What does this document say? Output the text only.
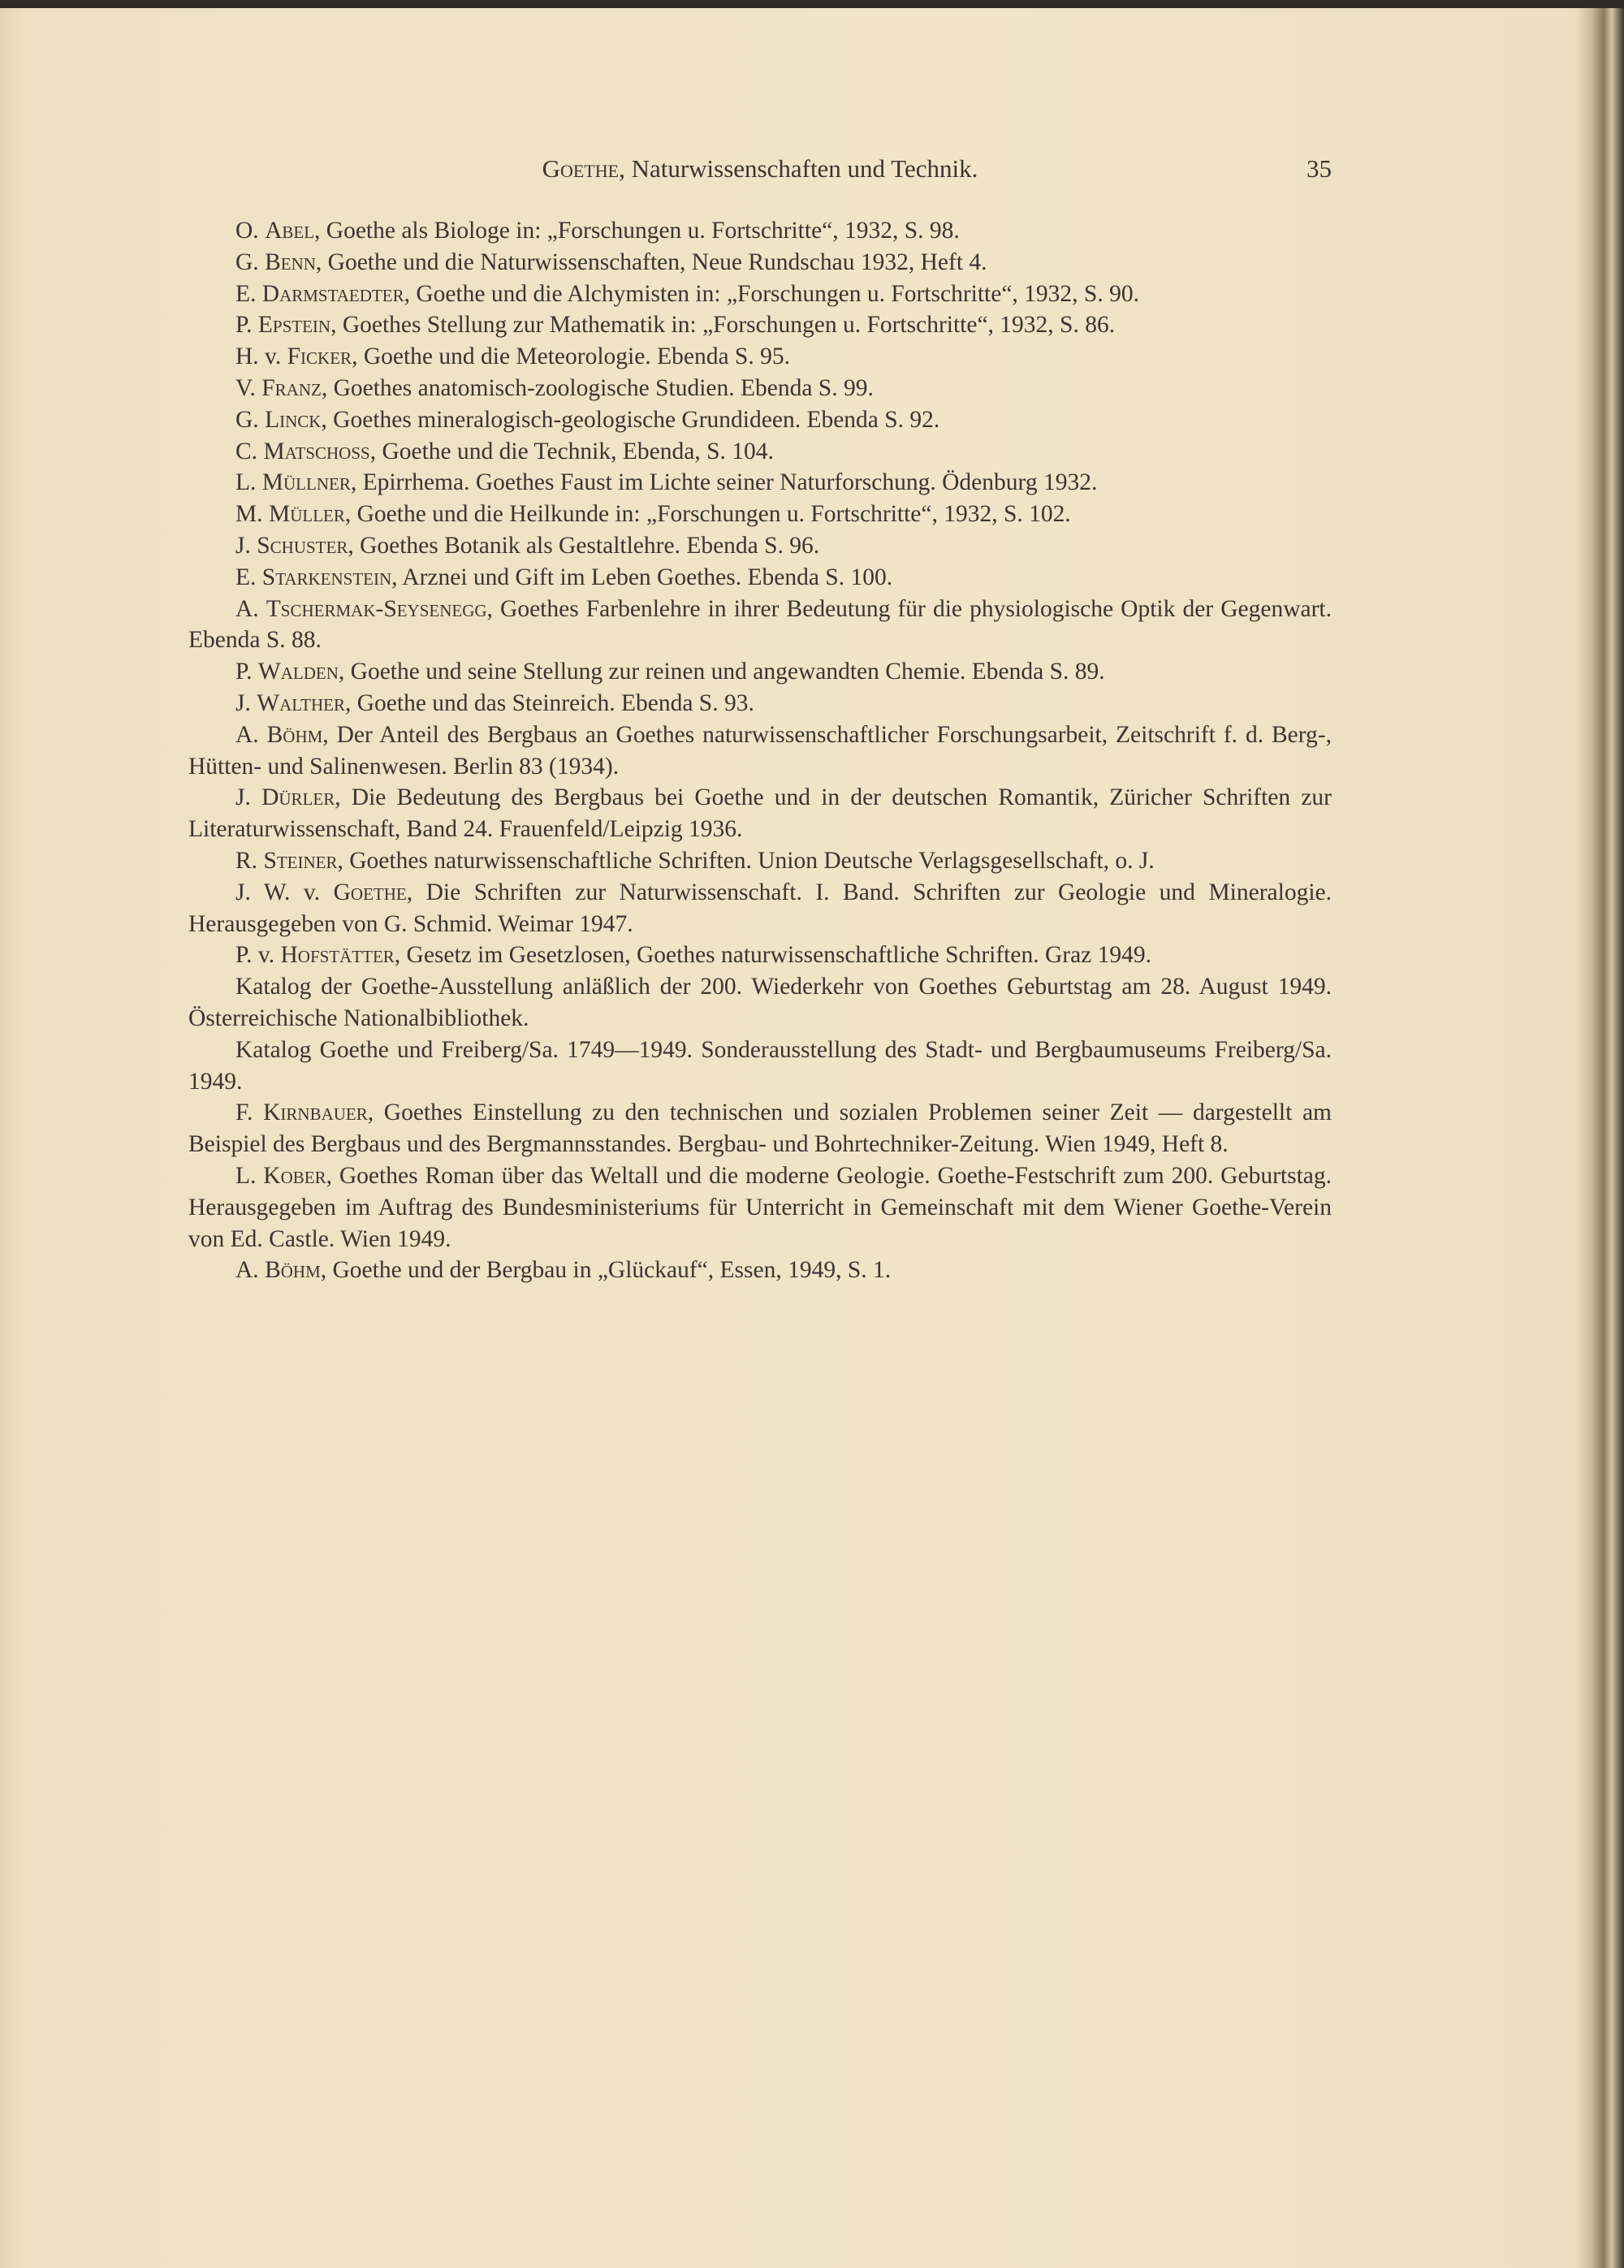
Goethe, Naturwissenschaften und Technik.	35

O. Abel, Goethe als Biologe in: „Forschungen u. Fortschritte“, 1932, S. 98.

G. Benn, Goethe und die Naturwissenschaften, Neue Rundschau 1932, Heft 4.

E. Darmstaedter, Goethe und die Alchymisten in: „Forschungen u. Fortschritte“, 1932, S. 90.

P. Epstein, Goethes Stellung zur Mathematik in: „Forschungen u. Fortschritte“, 1932, S. 86.

H. v. Ficker, Goethe und die Meteorologie. Ebenda S. 95.

V. Franz, Goethes anatomisch-zoologische Studien. Ebenda S. 99.

G. Linck, Goethes mineralogisch-geologische Grundideen. Ebenda S. 92.

C. Matschoss, Goethe und die Technik, Ebenda, S. 104.

L. Müllner, Epirrhema. Goethes Faust im Lichte seiner Naturforschung. Ödenburg 1932.

M. Müller, Goethe und die Heilkunde in: „Forschungen u. Fortschritte“, 1932, S. 102.

J. Schuster, Goethes Botanik als Gestaltlehre. Ebenda S. 96.

E. Starkenstein, Arznei und Gift im Leben Goethes. Ebenda S. 100.

A. Tschermak-Seysenegg, Goethes Farbenlehre in ihrer Bedeutung für die physiologische Optik der Gegenwart. Ebenda S. 88.

P. Walden, Goethe und seine Stellung zur reinen und angewandten Chemie. Ebenda S. 89.

J. Walther, Goethe und das Steinreich. Ebenda S. 93.

A. Böhm, Der Anteil des Bergbaus an Goethes naturwissenschaftlicher Forschungsarbeit, Zeitschrift f. d. Berg-, Hütten- und Salinenwesen. Berlin 83 (1934).

J. Dürler, Die Bedeutung des Bergbaus bei Goethe und in der deutschen Romantik, Züricher Schriften zur Literaturwissenschaft, Band 24. Frauenfeld/Leipzig 1936.

R. Steiner, Goethes naturwissenschaftliche Schriften. Union Deutsche Verlagsgesellschaft, o. J.

J. W. v. Goethe, Die Schriften zur Naturwissenschaft. I. Band. Schriften zur Geologie und Mineralogie. Herausgegeben von G. Schmid. Weimar 1947.

P. v. Hofstätter, Gesetz im Gesetzlosen, Goethes naturwissenschaftliche Schriften. Graz 1949.

Katalog der Goethe-Ausstellung anläßlich der 200. Wiederkehr von Goethes Geburtstag am 28. August 1949. Österreichische Nationalbibliothek.

Katalog Goethe und Freiberg/Sa. 1749—1949. Sonderausstellung des Stadt- und Bergbaumuseums Freiberg/Sa. 1949.

F. Kirnbauer, Goethes Einstellung zu den technischen und sozialen Problemen seiner Zeit — dargestellt am Beispiel des Bergbaus und des Bergmannsstandes. Bergbau- und Bohrtechniker-Zeitung. Wien 1949, Heft 8.

L. Kober, Goethes Roman über das Weltall und die moderne Geologie. Goethe-Festschrift zum 200. Geburtstag. Herausgegeben im Auftrag des Bundesministeriums für Unterricht in Gemeinschaft mit dem Wiener Goethe-Verein von Ed. Castle. Wien 1949.

A. Böhm, Goethe und der Bergbau in „Glückauf“, Essen, 1949, S. 1.
